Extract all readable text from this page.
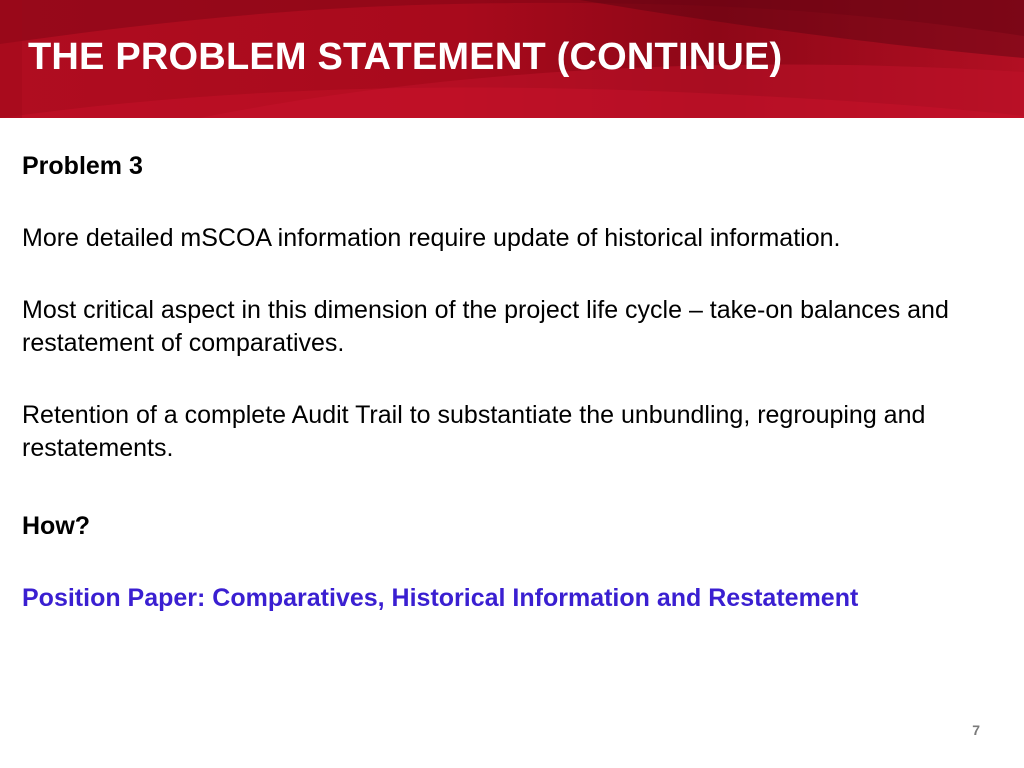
THE PROBLEM STATEMENT (CONTINUE)

Problem 3

More detailed mSCOA information require update of historical information.

Most critical aspect in this dimension of the project life cycle – take-on balances and restatement of comparatives.

Retention of a complete Audit Trail to substantiate the unbundling, regrouping and restatements.

How?

Position Paper: Comparatives, Historical Information and Restatement

7
